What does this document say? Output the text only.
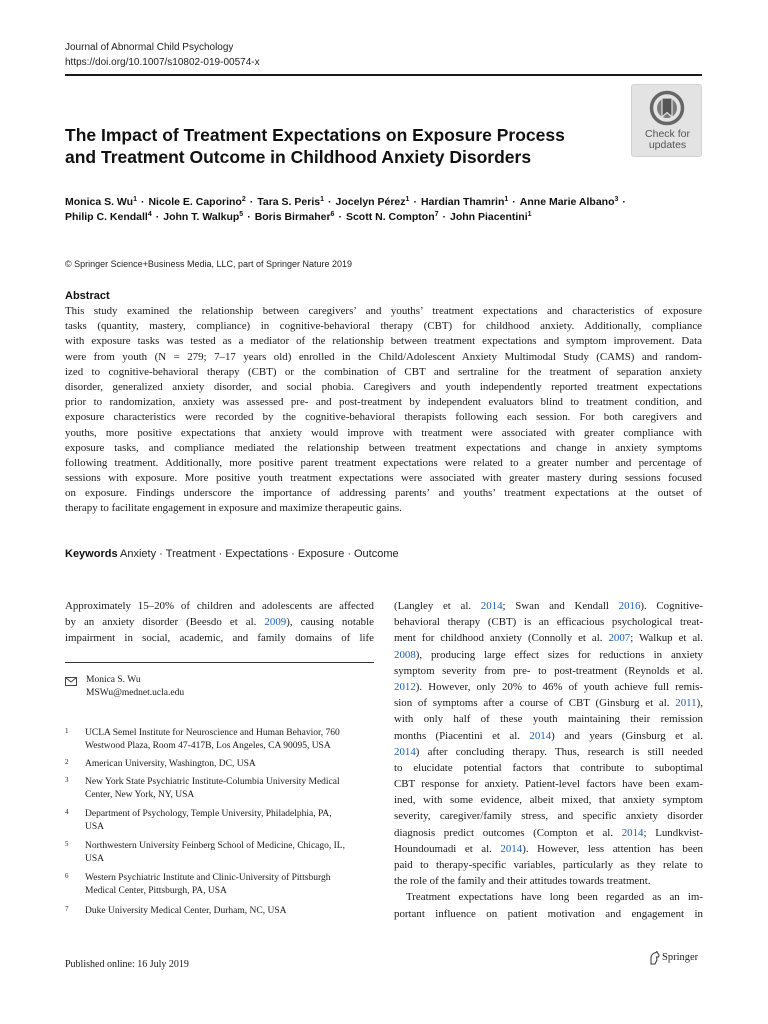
Journal of Abnormal Child Psychology
https://doi.org/10.1007/s10802-019-00574-x
The Impact of Treatment Expectations on Exposure Process
and Treatment Outcome in Childhood Anxiety Disorders
Check for
updates
Monica S. $Wu^1$ · Nicole E. Caporino$^2$ · Tara S. Peris$^1$ · Jocelyn Pérez$^1$ · Hardian Thamrin$^1$ · Anne Marie Albano$^3$ ·
Philip C. Kendall$^4$ · John T. Walkup$^5$ · Boris Birmaher$^6$ · Scott N. Compton$^7$ · John Piacentini$^1$
© Springer Science+Business Media, LLC, part of Springer Nature 2019
Abstract
This study examined the relationship between caregivers’ and youths’ treatment expectations and characteristics of exposure
tasks (quantity, mastery, compliance) in cognitive-behavioral therapy (CBT) for childhood anxiety. Additionally, compliance
with exposure tasks was tested as a mediator of the relationship between treatment expectations and symptom improvement. Data
were from youth (N = 279; 7–17 years old) enrolled in the Child/Adolescent Anxiety Multimodal Study (CAMS) and random-
ized to cognitive-behavioral therapy (CBT) or the combination of CBT and sertraline for the treatment of separation anxiety
disorder, generalized anxiety disorder, and social phobia. Caregivers and youth independently reported treatment expectations
prior to randomization, anxiety was assessed pre- and post-treatment by independent evaluators blind to treatment condition, and
exposure characteristics were recorded by the cognitive-behavioral therapists following each session. For both caregivers and
youths, more positive expectations that anxiety would improve with treatment were associated with greater compliance with
exposure tasks, and compliance mediated the relationship between treatment expectations and change in anxiety symptoms
following treatment. Additionally, more positive parent treatment expectations were related to a greater number and percentage of
sessions with exposure. More positive youth treatment expectations were associated with greater mastery during sessions focused
on exposure. Findings underscore the importance of addressing parents’ and youths’ treatment expectations at the outset of
therapy to facilitate engagement in exposure and maximize therapeutic gains.
Keywords Anxiety · Treatment · Expectations · Exposure · Outcome
Approximately 15–20% of children and adolescents are affected
by an anxiety disorder (Beesdo et al. 2009), causing notable
impairment in social, academic, and family domains of life
Monica S. Wu
MSWu@mednet.ucla.edu
1 UCLA Semel Institute for Neuroscience and Human Behavior, 760
Westwood Plaza, Room 47-417B, Los Angeles, CA 90095, USA
2 American University, Washington, DC, USA
3 New York State Psychiatric Institute-Columbia University Medical
Center, New York, NY, USA
4 Department of Psychology, Temple University, Philadelphia, PA,
USA
5 Northwestern University Feinberg School of Medicine, Chicago, IL,
USA
6 Western Psychiatric Institute and Clinic-University of Pittsburgh
Medical Center, Pittsburgh, PA, USA
7 Duke University Medical Center, Durham, NC, USA
(Langley et al. 2014; Swan and Kendall 2016). Cognitive-
behavioral therapy (CBT) is an efficacious psychological treat-
ment for childhood anxiety (Connolly et al. 2007; Walkup et al.
2008), producing large effect sizes for reductions in anxiety
symptom severity from pre- to post-treatment (Reynolds et al.
2012). However, only 20% to 46% of youth achieve full remis-
sion of symptoms after a course of CBT (Ginsburg et al. 2011),
with only half of these youth maintaining their remission
months (Piacentini et al. 2014) and years (Ginsburg et al.
2014) after concluding therapy. Thus, research is still needed
to elucidate potential factors that contribute to suboptimal
CBT response for anxiety. Patient-level factors have been exam-
ined, with some evidence, albeit mixed, that anxiety symptom
severity, caregiver/family stress, and specific anxiety disorder
diagnosis predict outcomes (Compton et al. 2014; Lundkvist-
Houndoumadi et al. 2014). However, less attention has been
paid to therapy-specific variables, particularly as they relate to
the role of the family and their attitudes towards treatment.
Treatment expectations have long been regarded as an im-
portant influence on patient motivation and engagement in
Published online: 16 July 2019
Springer
